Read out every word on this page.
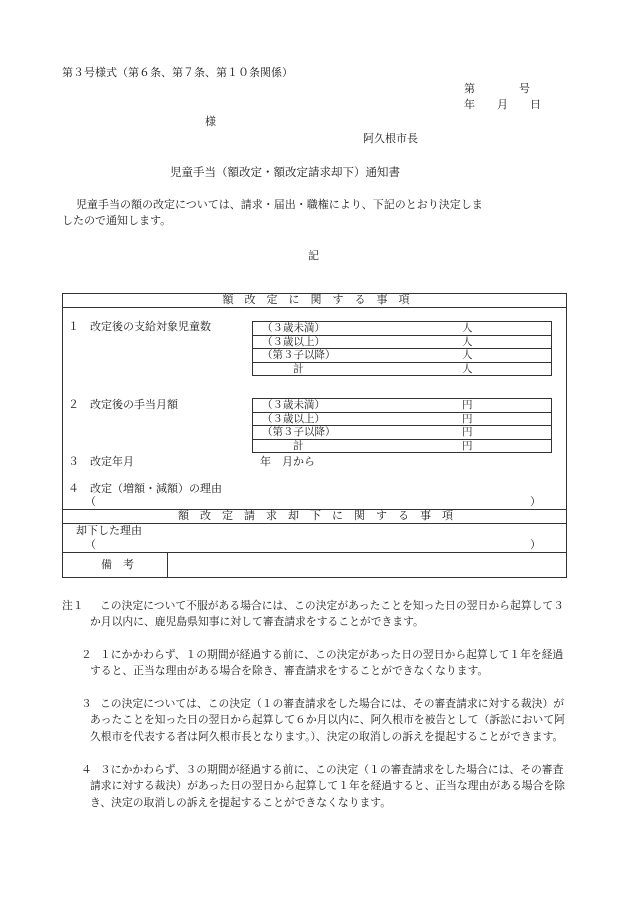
第３号様式（第６条、第７条、第１０条関係）
第　　　　号
年　　月　　日
様
阿久根市長
児童手当（額改定・額改定請求却下）通知書
児童手当の額の改定については、請求・届出・職権により、下記のとおり決定しま
したので通知します。
記
額　改　定　に　関　す　る　事　項
１　改定後の支給対象児童数	（３歳未満）	人
（３歳以上）	人
（第３子以降）	人
計	人
２　改定後の手当月額	（３歳未満）	円
（３歳以上）	円
（第３子以降）	円
計	円
３　改定年月	年　月から
４　改定（増額・減額）の理由
（	）
額　改　定　請　求　却　下　に　関　す　る　事　項
却下した理由
（	）
備　考
注１	この決定について不服がある場合には、この決定があったことを知った日の翌日から起算して３か月以内に、鹿児島県知事に対して審査請求をすることができます。
２ １にかかわらず、１の期間が経過する前に、この決定があった日の翌日から起算して１年を経過すると、正当な理由がある場合を除き、審査請求をすることができなくなります。
３ この決定については、この決定（１の審査請求をした場合には、その審査請求に対する裁決）があったことを知った日の翌日から起算して６か月以内に、阿久根市を被告として（訴訟において阿久根市を代表する者は阿久根市長となります。）、決定の取消しの訴えを提起することができます。
４ ３にかかわらず、３の期間が経過する前に、この決定（１の審査請求をした場合には、その審査請求に対する裁決）があった日の翌日から起算して１年を経過すると、正当な理由がある場合を除き、決定の取消しの訴えを提起することができなくなります。
